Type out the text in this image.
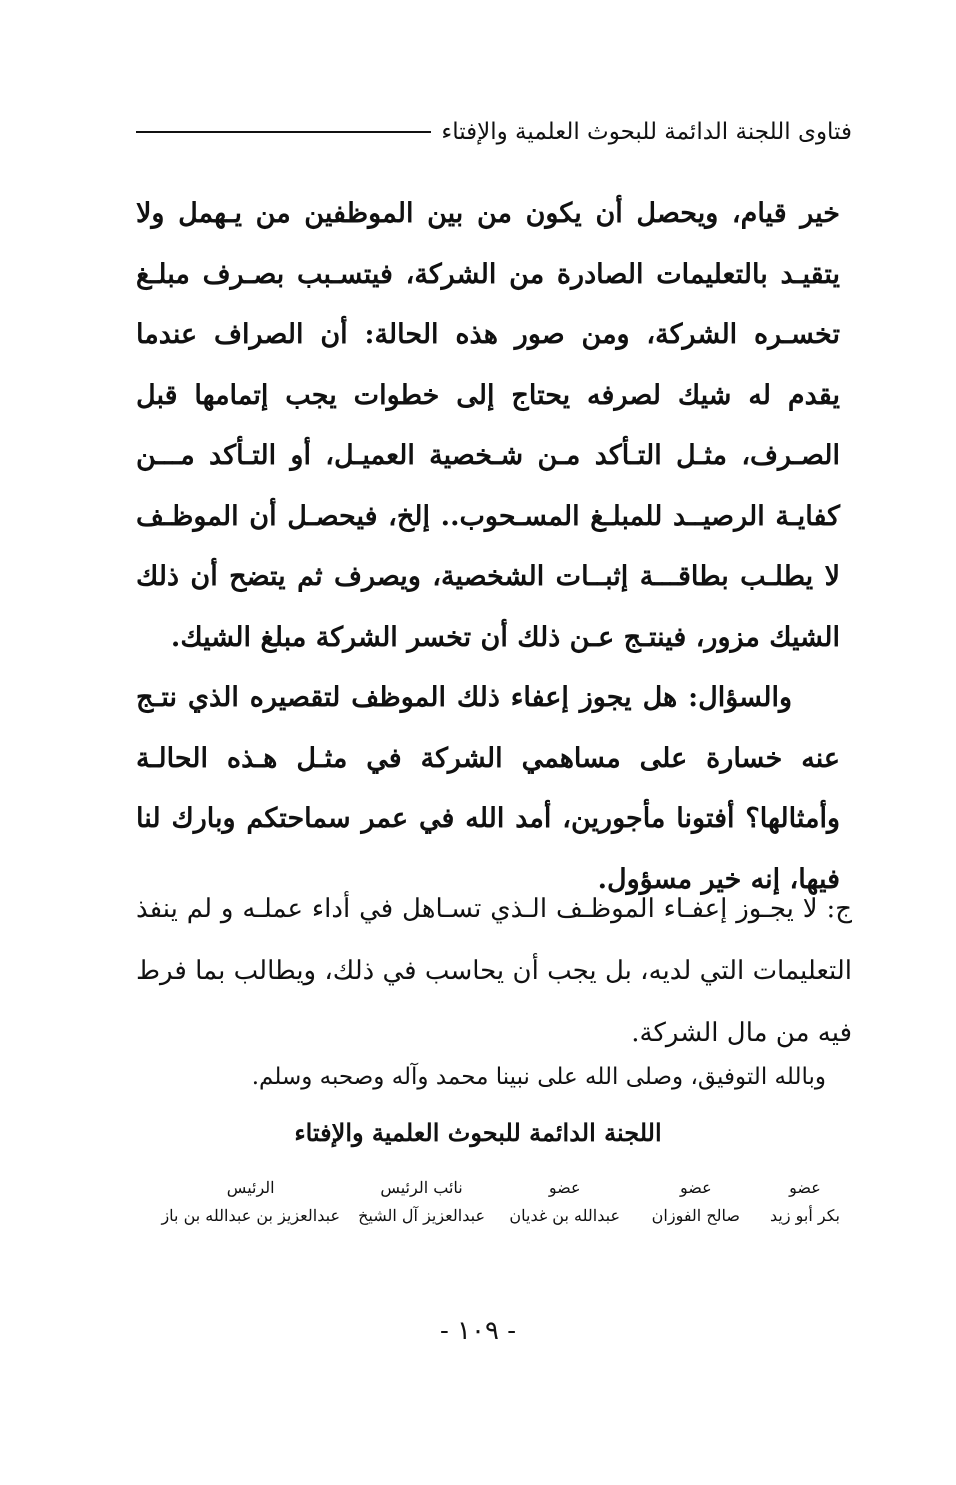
فتاوى اللجنة الدائمة للبحوث العلمية والإفتاء

خير قيام، ويحصل أن يكون من بين الموظفين من يـهمل ولا يتقيـد بالتعليمات الصادرة من الشركة، فيتسـبب بصـرف مبلـغ تخسـره الشركة، ومن صور هذه الحالة: أن الصراف عندما يقدم له شيك لصرفه يحتاج إلى خطوات يجب إتمامها قبل الصـرف، مثـل التـأكد مـن شـخصية العميـل، أو التـأكد مـــن كفايـة الرصيــد للمبلـغ المسـحوب.. إلخ، فيحصـل أن الموظـف لا يطلـب بطاقـــة إثبــات الشخصية، ويصرف ثم يتضح أن ذلك الشيك مزور، فينتـج عـن ذلك أن تخسر الشركة مبلغ الشيك.

والسؤال: هل يجوز إعفاء ذلك الموظف لتقصيره الذي نتـج عنه خسارة على مساهمي الشركة في مثـل هـذه الحالـة وأمثالها؟ أفتونا مأجورين، أمد الله في عمر سماحتكم وبارك لنا فيها، إنه خير مسؤول.

ج: لا يجـوز إعفـاء الموظـف الـذي تسـاهل في أداء عملـه و لم ينفذ التعليمات التي لديه، بل يجب أن يحاسب في ذلك، ويطالب بما فرط فيه من مال الشركة.

وبالله التوفيق، وصلى الله على نبينا محمد وآله وصحبه وسلم.
اللجنة الدائمة للبحوث العلمية والإفتاء
عضو
بكر أبو زيد
عضو
صالح الفوزان
عضو
عبدالله بن غديان
نائب الرئيس
عبدالعزيز آل الشيخ
الرئيس
عبدالعزيز بن عبدالله بن باز
- ١٠٩ -
